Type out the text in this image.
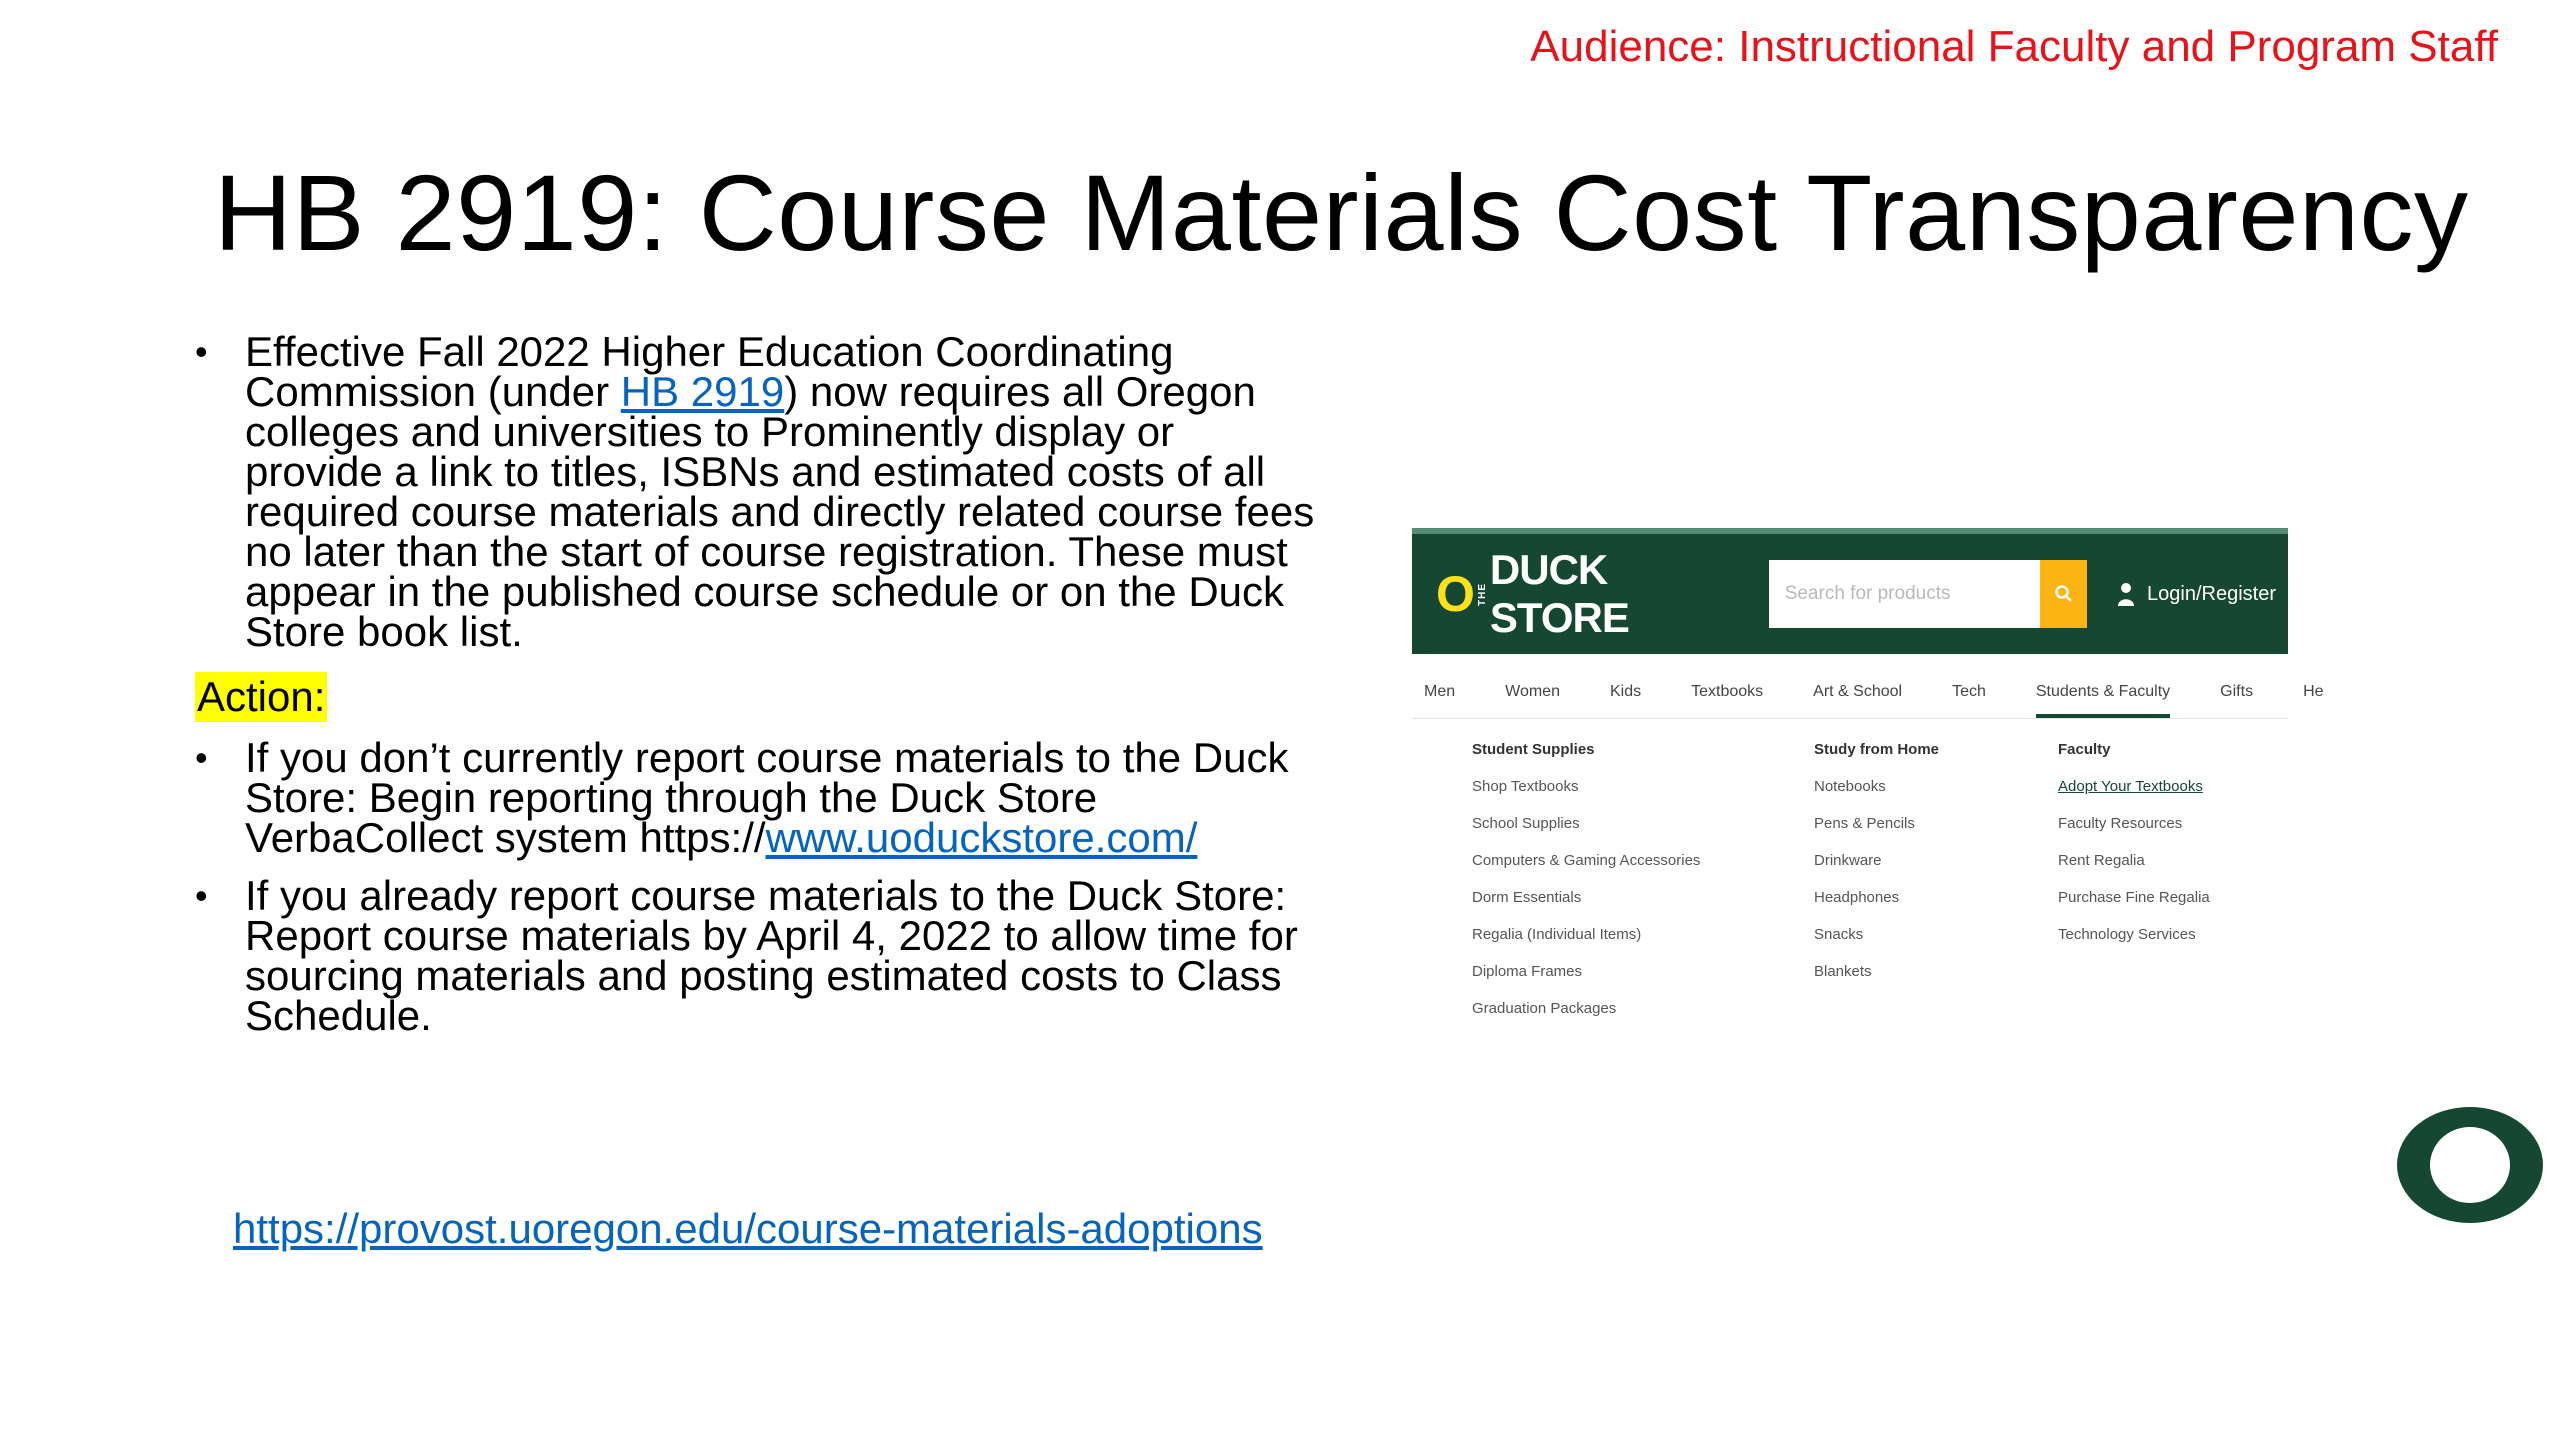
Audience: Instructional Faculty and Program Staff
HB 2919: Course Materials Cost Transparency
• Effective Fall 2022 Higher Education Coordinating Commission (under HB 2919) now requires all Oregon colleges and universities to Prominently display or provide a link to titles, ISBNs and estimated costs of all required course materials and directly related course fees no later than the start of course registration. These must appear in the published course schedule or on the Duck Store book list.
Action:
• If you don’t currently report course materials to the Duck Store: Begin reporting through the Duck Store VerbaCollect system https://www.uoduckstore.com/
• If you already report course materials to the Duck Store: Report course materials by April 4, 2022 to allow time for sourcing materials and posting estimated costs to Class Schedule.
https://provost.uoregon.edu/course-materials-adoptions
O THE
DUCK STORE
Search for products	Login/Register
Men	Women	Kids	Textbooks	Art & School	Tech	Students & Faculty	Gifts	He
Student Supplies
Shop Textbooks
School Supplies
Computers & Gaming Accessories
Dorm Essentials
Regalia (Individual Items)
Diploma Frames
Graduation Packages
Study from Home
Notebooks
Pens & Pencils
Drinkware
Headphones
Snacks
Blankets
Faculty
Adopt Your Textbooks
Faculty Resources
Rent Regalia
Purchase Fine Regalia
Technology Services
